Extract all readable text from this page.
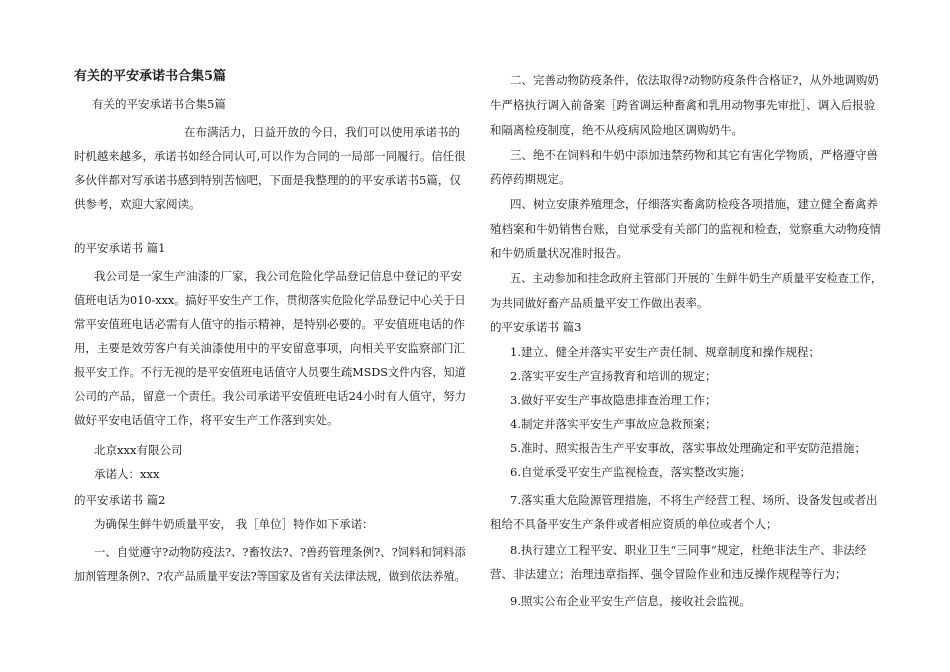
有关的平安承诺书合集5篇
有关的平安承诺书合集5篇
在布满活力，日益开放的今日，我们可以使用承诺书的
时机越来越多，承诺书如经合同认可,可以作为合同的一局部一同履行。信任很
多伙伴都对写承诺书感到特别苦恼吧，下面是我整理的的平安承诺书5篇，仅
供参考，欢迎大家阅读。
的平安承诺书 篇1
我公司是一家生产油漆的厂家，我公司危险化学品登记信息中登记的平安
值班电话为010-xxx。搞好平安生产工作，贯彻落实危险化学品登记中心关于日
常平安值班电话必需有人值守的指示精神，是特别必要的。平安值班电话的作
用，主要是效劳客户有关油漆使用中的平安留意事项，向相关平安监察部门汇
报平安工作。不行无视的是平安值班电话值守人员要生疏MSDS文件内容，知道
公司的产品，留意一个责任。我公司承诺平安值班电话24小时有人值守，努力
做好平安电话值守工作，将平安生产工作落到实处。
北京xxx有限公司
承诺人：xxx
的平安承诺书 篇2
为确保生鲜牛奶质量平安， 我［单位］特作如下承诺：
一、自觉遵守?动物防疫法?、?畜牧法?、?兽药管理条例?、?饲料和饲料添
加剂管理条例?、?农产品质量平安法?等国家及省有关法律法规，做到依法养殖。
二、完善动物防疫条件，依法取得?动物防疫条件合格证?，从外地调购奶
牛严格执行调入前备案［跨省调运种畜禽和乳用动物事先审批］、调入后报验
和隔离检疫制度，绝不从疫病风险地区调购奶牛。
三、绝不在饲料和牛奶中添加违禁药物和其它有害化学物质，严格遵守兽
药停药期规定。
四、树立安康养殖理念，仔细落实畜禽防检疫各项措施，建立健全畜禽养
殖档案和牛奶销售台账，自觉承受有关部门的监视和检查，觉察重大动物疫情
和牛奶质量状况准时报告。
五、主动参加和挂念政府主管部门开展的`生鲜牛奶生产质量平安检查工作，
为共同做好畜产品质量平安工作做出表率。
的平安承诺书 篇3
1.建立、健全并落实平安生产责任制、规章制度和操作规程；
2.落实平安生产宣扬教育和培训的规定；
3.做好平安生产事故隐患排查治理工作；
4.制定并落实平安生产事故应急救预案；
5.准时、照实报告生产平安事故，落实事故处理确定和平安防范措施；
6.自觉承受平安生产监视检查，落实整改实施；
7.落实重大危险源管理措施，不将生产经营工程、场所、设备发包或者出
租给不具备平安生产条件或者相应资质的单位或者个人；
8.执行建立工程平安、职业卫生“三同事“规定，杜绝非法生产、非法经
营、非法建立；治理违章指挥、强令冒险作业和违反操作规程等行为；
9.照实公布企业平安生产信息，接收社会监视。
